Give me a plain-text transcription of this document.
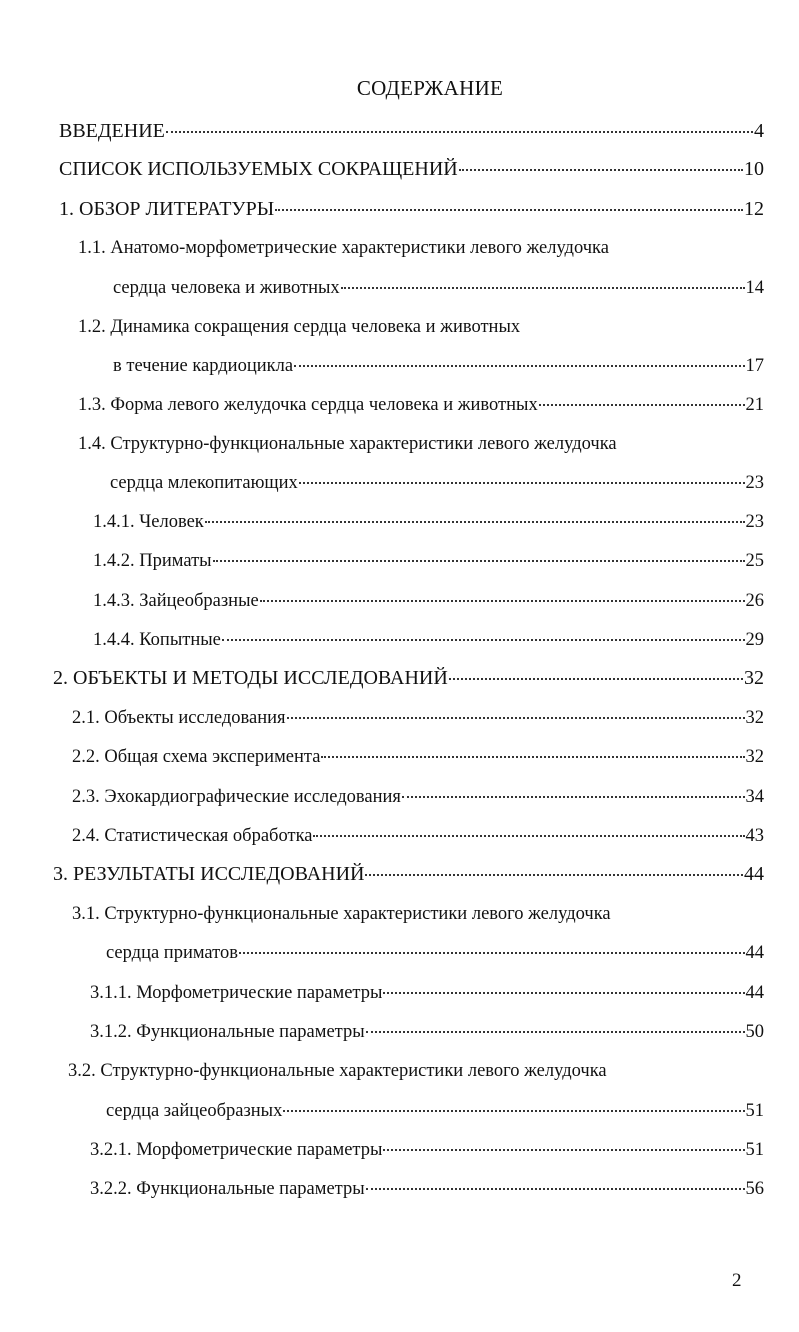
СОДЕРЖАНИЕ
ВВЕДЕНИЕ	4
СПИСОК ИСПОЛЬЗУЕМЫХ СОКРАЩЕНИЙ	10
1. ОБЗОР ЛИТЕРАТУРЫ	12
1.1. Анатомо-морфометрические характеристики левого желудочка
сердца человека и животных	14
1.2. Динамика сокращения сердца человека и животных
в течение кардиоцикла	17
1.3. Форма левого желудочка сердца человека и животных	21
1.4. Структурно-функциональные характеристики левого желудочка
сердца млекопитающих	23
1.4.1. Человек	23
1.4.2. Приматы	25
1.4.3. Зайцеобразные	26
1.4.4. Копытные	29
2. ОБЪЕКТЫ И МЕТОДЫ ИССЛЕДОВАНИЙ	32
2.1. Объекты исследования	32
2.2. Общая схема эксперимента	32
2.3. Эхокардиографические исследования	34
2.4. Статистическая обработка	43
3. РЕЗУЛЬТАТЫ ИССЛЕДОВАНИЙ	44
3.1. Структурно-функциональные характеристики левого желудочка
сердца приматов	44
3.1.1. Морфометрические параметры	44
3.1.2. Функциональные параметры	50
3.2. Структурно-функциональные характеристики левого желудочка
сердца зайцеобразных	51
3.2.1. Морфометрические параметры	51
3.2.2. Функциональные параметры	56
2
